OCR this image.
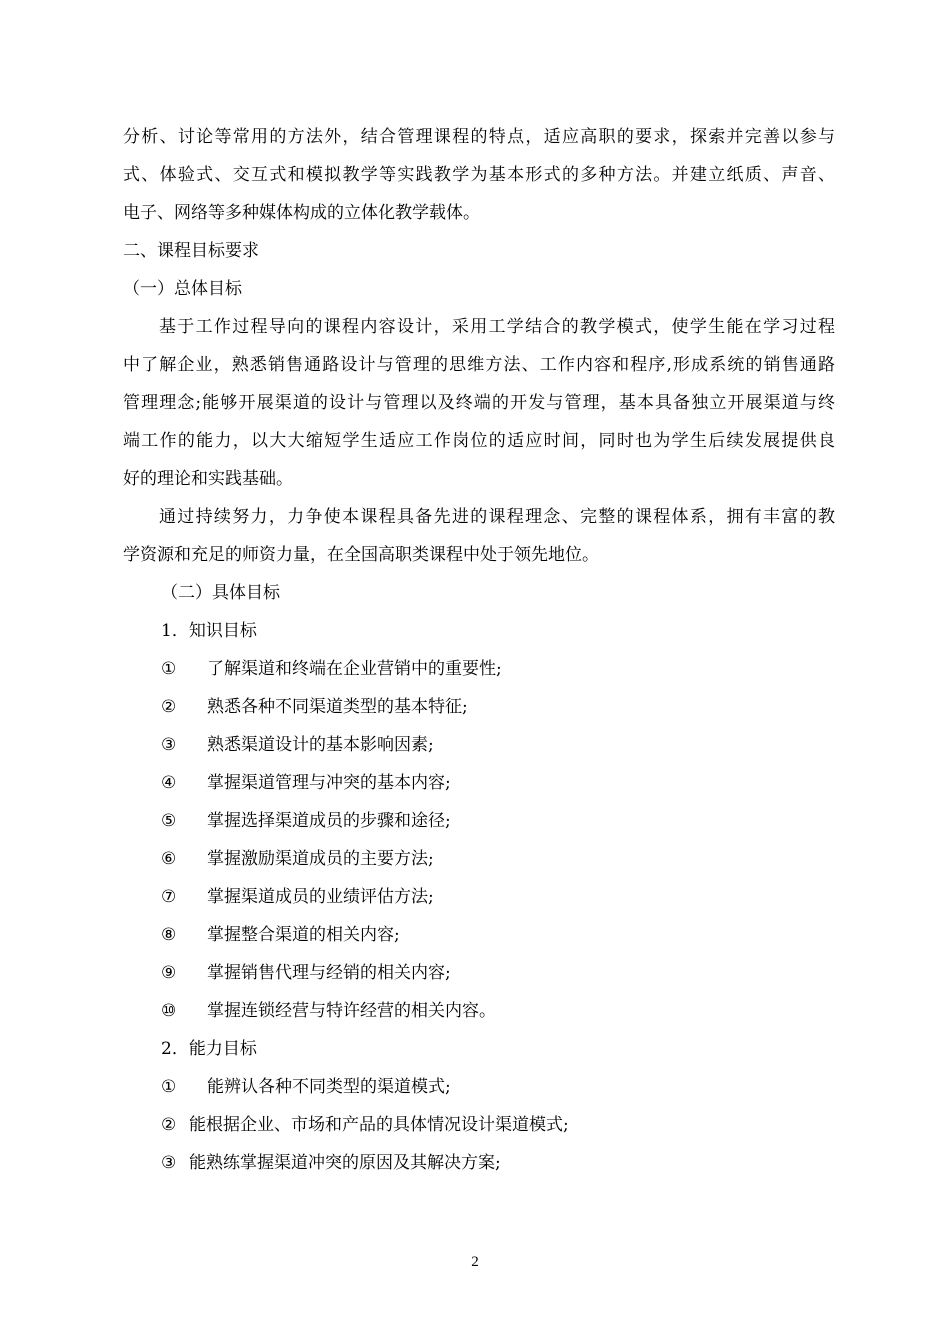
分析、讨论等常用的方法外，结合管理课程的特点，适应高职的要求，探索并完善以参与

式、体验式、交互式和模拟教学等实践教学为基本形式的多种方法。并建立纸质、声音、

电子、网络等多种媒体构成的立体化教学载体。

二、课程目标要求

（一）总体目标

基于工作过程导向的课程内容设计，采用工学结合的教学模式，使学生能在学习过程

中了解企业，熟悉销售通路设计与管理的思维方法、工作内容和程序,形成系统的销售通路

管理理念;能够开展渠道的设计与管理以及终端的开发与管理，基本具备独立开展渠道与终

端工作的能力，以大大缩短学生适应工作岗位的适应时间，同时也为学生后续发展提供良

好的理论和实践基础。

通过持续努力，力争使本课程具备先进的课程理念、完整的课程体系，拥有丰富的教

学资源和充足的师资力量，在全国高职类课程中处于领先地位。

（二）具体目标

1．知识目标

①	了解渠道和终端在企业营销中的重要性;
②	熟悉各种不同渠道类型的基本特征;
③	熟悉渠道设计的基本影响因素;
④	掌握渠道管理与冲突的基本内容;
⑤	掌握选择渠道成员的步骤和途径;
⑥	掌握激励渠道成员的主要方法;
⑦	掌握渠道成员的业绩评估方法;
⑧	掌握整合渠道的相关内容;
⑨	掌握销售代理与经销的相关内容;
⑩	掌握连锁经营与特许经营的相关内容。

2．能力目标

①	能辨认各种不同类型的渠道模式;
② 能根据企业、市场和产品的具体情况设计渠道模式;
③ 能熟练掌握渠道冲突的原因及其解决方案;
2
